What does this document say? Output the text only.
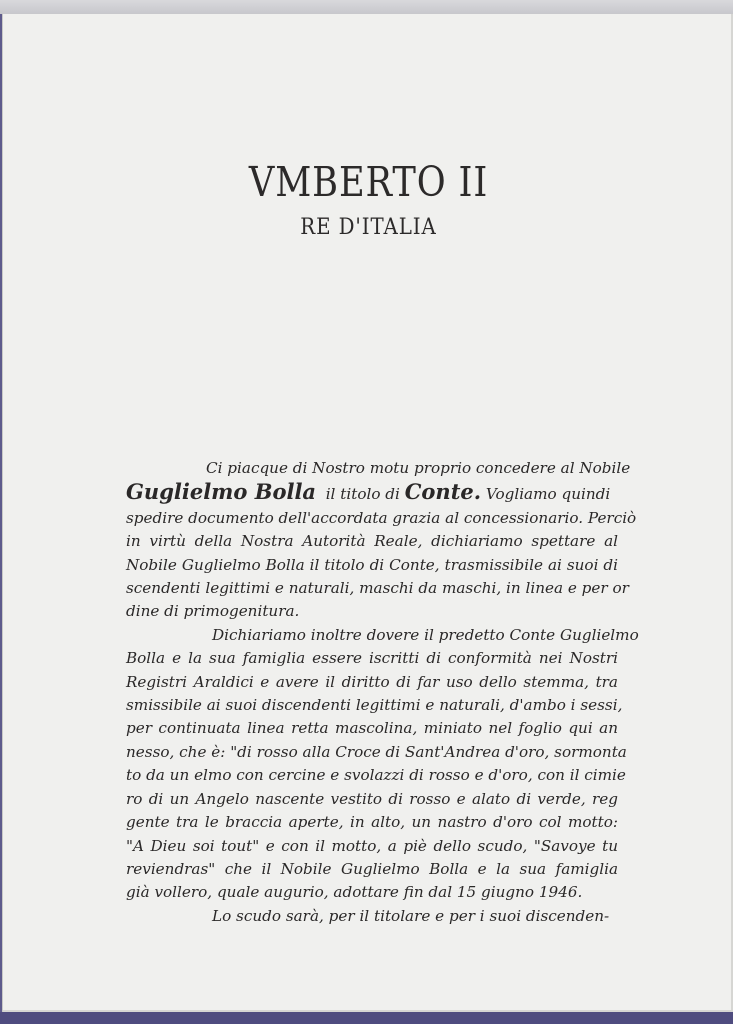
VMBERTO II
RE D'ITALIA
Ci piacque di Nostro motu proprio concedere al Nobile
Guglielmo Bolla  il titolo di Conte. Vogliamo quindi
spedire documento dell'accordata grazia al concessionario. Perciò
in virtù della Nostra Autorità Reale, dichiariamo spettare al
Nobile Guglielmo Bolla il titolo di Conte, trasmissibile ai suoi di
scendenti legittimi e naturali, maschi da maschi, in linea e per or
dine di primogenitura.
Dichiariamo inoltre dovere il predetto Conte Guglielmo
Bolla e la sua famiglia essere iscritti di conformità nei Nostri
Registri Araldici e avere il diritto di far uso dello stemma, tra
smissibile ai suoi discendenti legittimi e naturali, d'ambo i sessi,
per continuata linea retta mascolina, miniato nel foglio qui an
nesso, che è: "di rosso alla Croce di Sant'Andrea d'oro, sormonta
to da un elmo con cercine e svolazzi di rosso e d'oro, con il cimie
ro di un Angelo nascente vestito di rosso e alato di verde, reg
gente tra le braccia aperte, in alto, un nastro d'oro col motto:
"A Dieu soi tout" e con il motto, a piè dello scudo, "Savoye tu
reviendras" che il Nobile Guglielmo Bolla e la sua famiglia
già vollero, quale augurio, adottare fin dal 15 giugno 1946.
Lo scudo sarà, per il titolare e per i suoi discenden-
